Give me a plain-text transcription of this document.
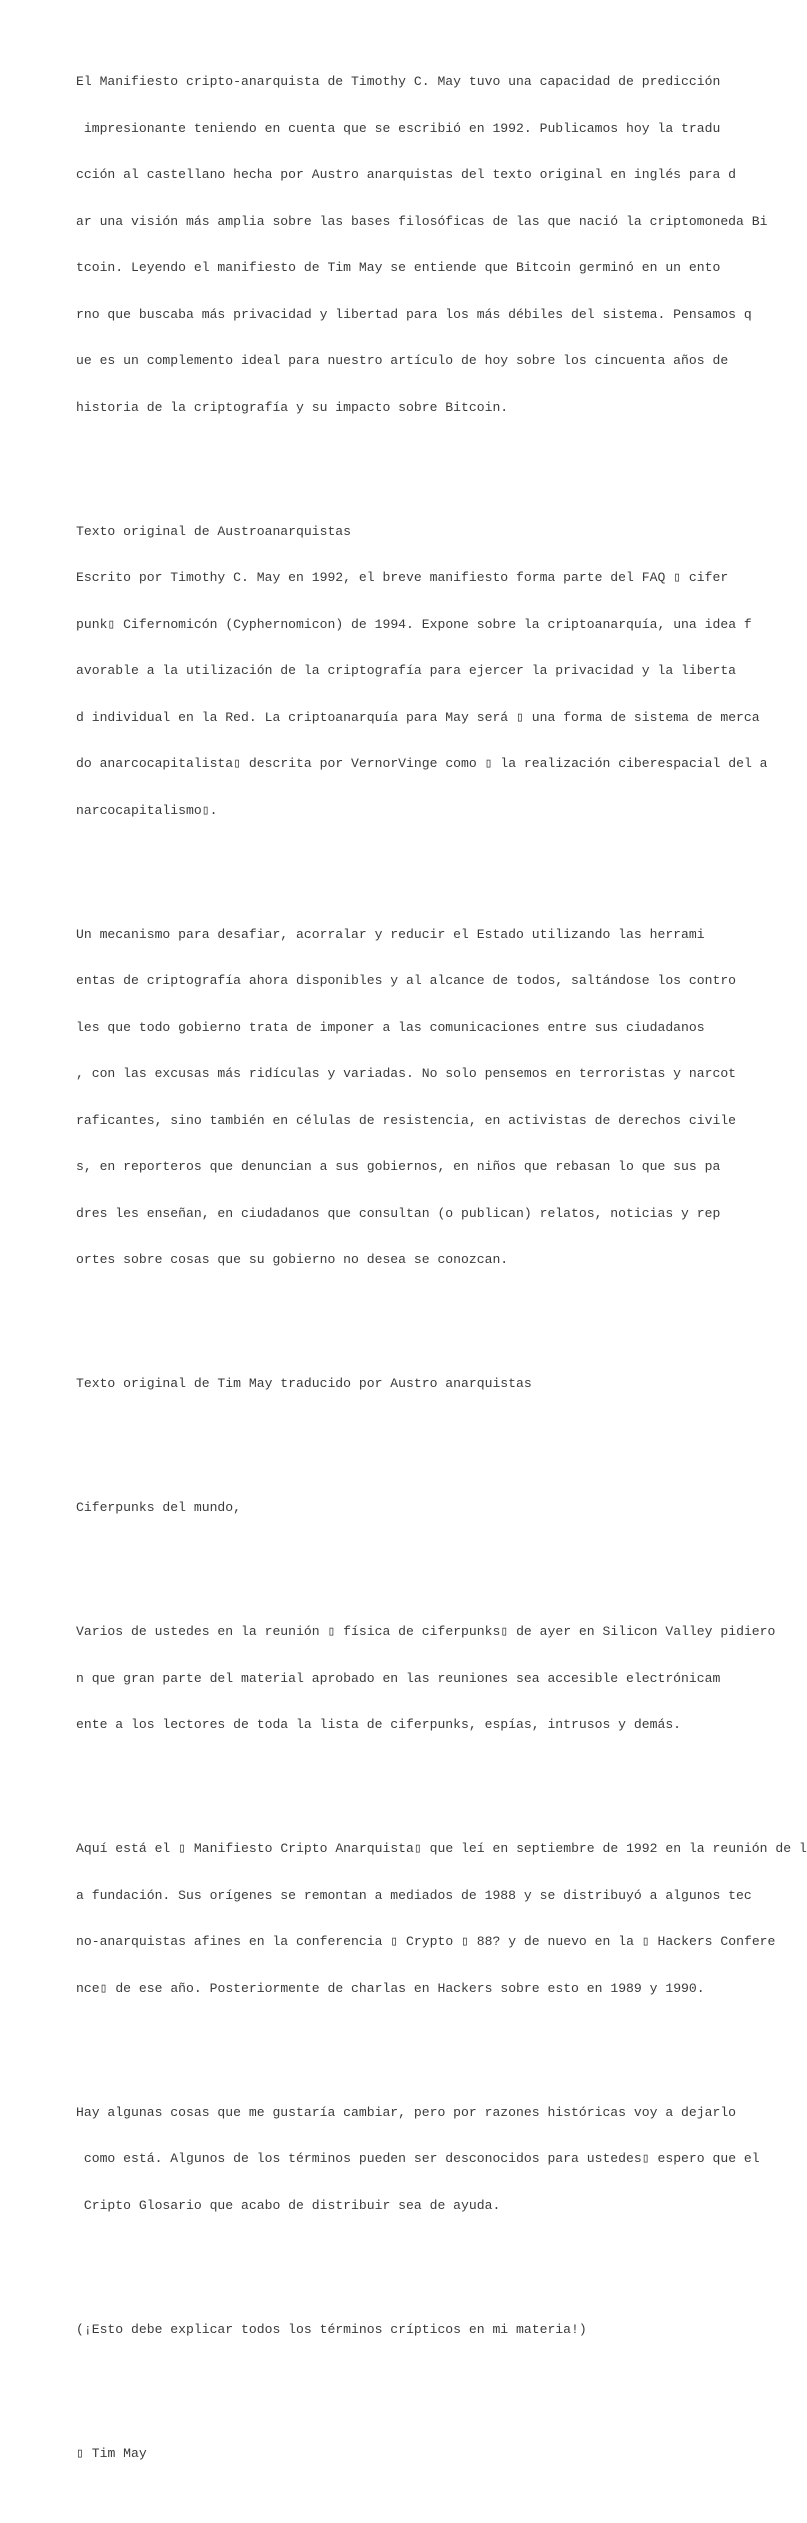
El Manifiesto cripto-anarquista de Timothy C. May tuvo una capacidad de predicción

impresionante teniendo en cuenta que se escribió en 1992. Publicamos hoy la tradu

cción al castellano hecha por Austro anarquistas del texto original en inglés para d

ar una visión más amplia sobre las bases filosóficas de las que nació la criptomoneda Bi

tcoin. Leyendo el manifiesto de Tim May se entiende que Bitcoin germinó en un ento

rno que buscaba más privacidad y libertad para los más débiles del sistema. Pensamos q

ue es un complemento ideal para nuestro artículo de hoy sobre los cincuenta años de

historia de la criptografía y su impacto sobre Bitcoin.

Texto original de Austroanarquistas

Escrito por Timothy C. May en 1992, el breve manifiesto forma parte del FAQ ▯ cifer

punk▯ Cifernomicón (Cyphernomicon) de 1994. Expone sobre la criptoanarquía, una idea f

avorable a la utilización de la criptografía para ejercer la privacidad y la liberta

d individual en la Red. La criptoanarquía para May será ▯ una forma de sistema de merca

do anarcocapitalista▯ descrita por VernorVinge como ▯ la realización ciberespacial del a

narcocapitalismo▯.

Un mecanismo para desafiar, acorralar y reducir el Estado utilizando las herrami

entas de criptografía ahora disponibles y al alcance de todos, saltándose los contro

les que todo gobierno trata de imponer a las comunicaciones entre sus ciudadanos

, con las excusas más ridículas y variadas. No solo pensemos en terroristas y narcot

raficantes, sino también en células de resistencia, en activistas de derechos civile

s, en reporteros que denuncian a sus gobiernos, en niños que rebasan lo que sus pa

dres les enseñan, en ciudadanos que consultan (o publican) relatos, noticias y rep

ortes sobre cosas que su gobierno no desea se conozcan.

Texto original de Tim May traducido por Austro anarquistas

Ciferpunks del mundo,

Varios de ustedes en la reunión ▯ física de ciferpunks▯ de ayer en Silicon Valley pidiero

n que gran parte del material aprobado en las reuniones sea accesible electrónicam

ente a los lectores de toda la lista de ciferpunks, espías, intrusos y demás.

Aquí está el ▯ Manifiesto Cripto Anarquista▯ que leí en septiembre de 1992 en la reunión de l

a fundación. Sus orígenes se remontan a mediados de 1988 y se distribuyó a algunos tec

no-anarquistas afines en la conferencia ▯ Crypto ▯ 88? y de nuevo en la ▯ Hackers Confere

nce▯ de ese año. Posteriormente de charlas en Hackers sobre esto en 1989 y 1990.

Hay algunas cosas que me gustaría cambiar, pero por razones históricas voy a dejarlo

como está. Algunos de los términos pueden ser desconocidos para ustedes▯ espero que el

Cripto Glosario que acabo de distribuir sea de ayuda.

(¡Esto debe explicar todos los términos crípticos en mi materia!)

▯ Tim May
